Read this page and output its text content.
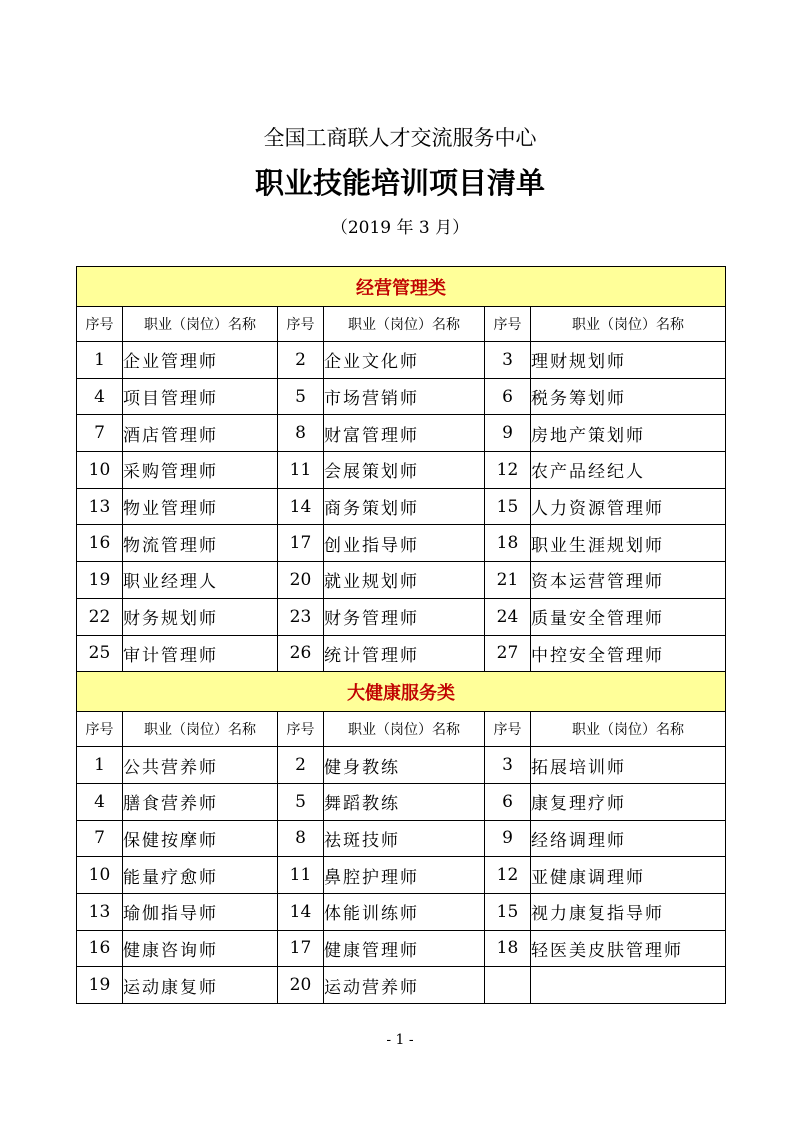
全国工商联人才交流服务中心
职业技能培训项目清单
（2019 年 3 月）
经营管理类					
序号	职业（岗位）名称	序号	职业（岗位）名称	序号	职业（岗位）名称
1	企业管理师	2	企业文化师	3	理财规划师
4	项目管理师	5	市场营销师	6	税务筹划师
7	酒店管理师	8	财富管理师	9	房地产策划师
10	采购管理师	11	会展策划师	12	农产品经纪人
13	物业管理师	14	商务策划师	15	人力资源管理师
16	物流管理师	17	创业指导师	18	职业生涯规划师
19	职业经理人	20	就业规划师	21	资本运营管理师
22	财务规划师	23	财务管理师	24	质量安全管理师
25	审计管理师	26	统计管理师	27	中控安全管理师
大健康服务类					
序号	职业（岗位）名称	序号	职业（岗位）名称	序号	职业（岗位）名称
1	公共营养师	2	健身教练	3	拓展培训师
4	膳食营养师	5	舞蹈教练	6	康复理疗师
7	保健按摩师	8	祛斑技师	9	经络调理师
10	能量疗愈师	11	鼻腔护理师	12	亚健康调理师
13	瑜伽指导师	14	体能训练师	15	视力康复指导师
16	健康咨询师	17	健康管理师	18	轻医美皮肤管理师
19	运动康复师	20	运动营养师		
- 1 -
